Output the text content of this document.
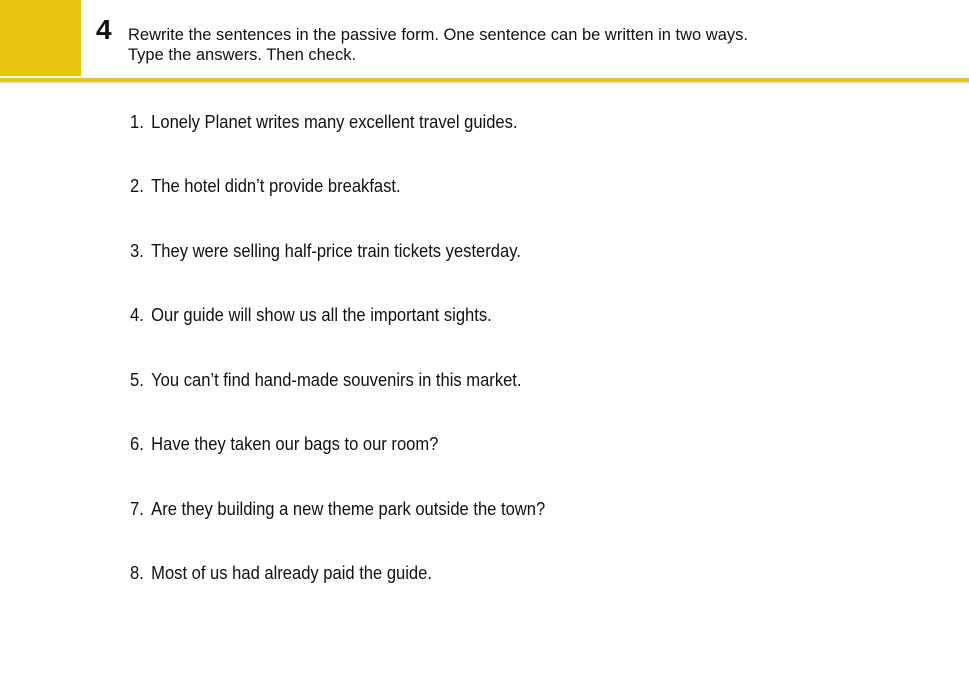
4 Rewrite the sentences in the passive form. One sentence can be written in two ways.
Type the answers. Then check.
1. Lonely Planet writes many excellent travel guides.
2. The hotel didn’t provide breakfast.
3. They were selling half-price train tickets yesterday.
4. Our guide will show us all the important sights.
5. You can’t find hand-made souvenirs in this market.
6. Have they taken our bags to our room?
7. Are they building a new theme park outside the town?
8. Most of us had already paid the guide.
